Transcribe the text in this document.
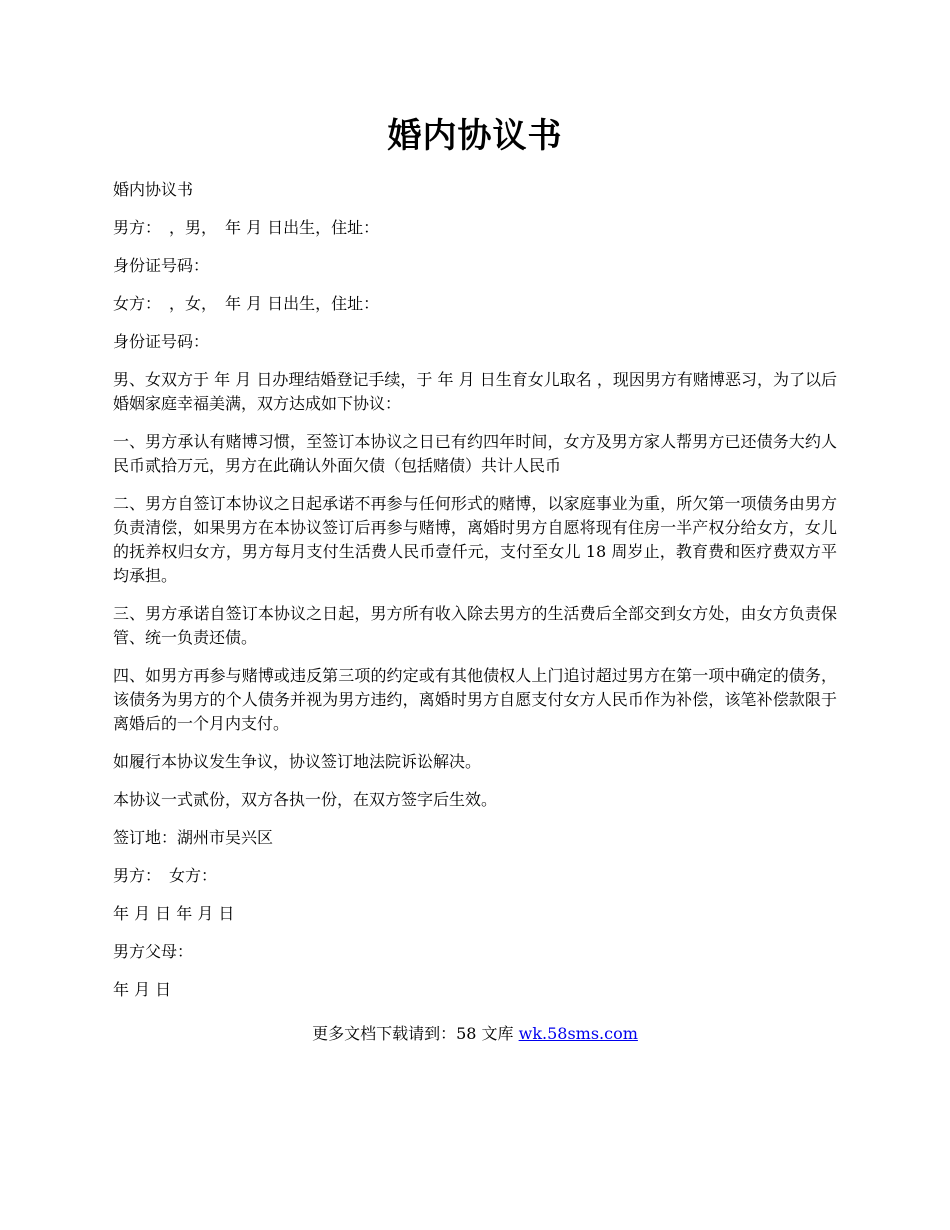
婚内协议书

婚内协议书

男方：　，男，　年 月 日出生，住址：

身份证号码：

女方：　，女，　年 月 日出生，住址：

身份证号码：

男、女双方于 年 月 日办理结婚登记手续，于 年 月 日生育女儿取名 ，现因男方有赌博恶习，为了以后婚姻家庭幸福美满，双方达成如下协议：

一、男方承认有赌博习惯，至签订本协议之日已有约四年时间，女方及男方家人帮男方已还债务大约人民币贰拾万元，男方在此确认外面欠债（包括赌债）共计人民币

二、男方自签订本协议之日起承诺不再参与任何形式的赌博，以家庭事业为重，所欠第一项债务由男方负责清偿，如果男方在本协议签订后再参与赌博，离婚时男方自愿将现有住房一半产权分给女方，女儿的抚养权归女方，男方每月支付生活费人民币壹仟元，支付至女儿 18 周岁止，教育费和医疗费双方平均承担。

三、男方承诺自签订本协议之日起，男方所有收入除去男方的生活费后全部交到女方处，由女方负责保管、统一负责还债。

四、如男方再参与赌博或违反第三项的约定或有其他债权人上门追讨超过男方在第一项中确定的债务，该债务为男方的个人债务并视为男方违约，离婚时男方自愿支付女方人民币作为补偿，该笔补偿款限于离婚后的一个月内支付。

如履行本协议发生争议，协议签订地法院诉讼解决。

本协议一式贰份，双方各执一份，在双方签字后生效。

签订地：湖州市吴兴区

男方：　女方：

年 月 日 年 月 日

男方父母：

年 月 日

更多文档下载请到：58 文库 wk.58sms.com
